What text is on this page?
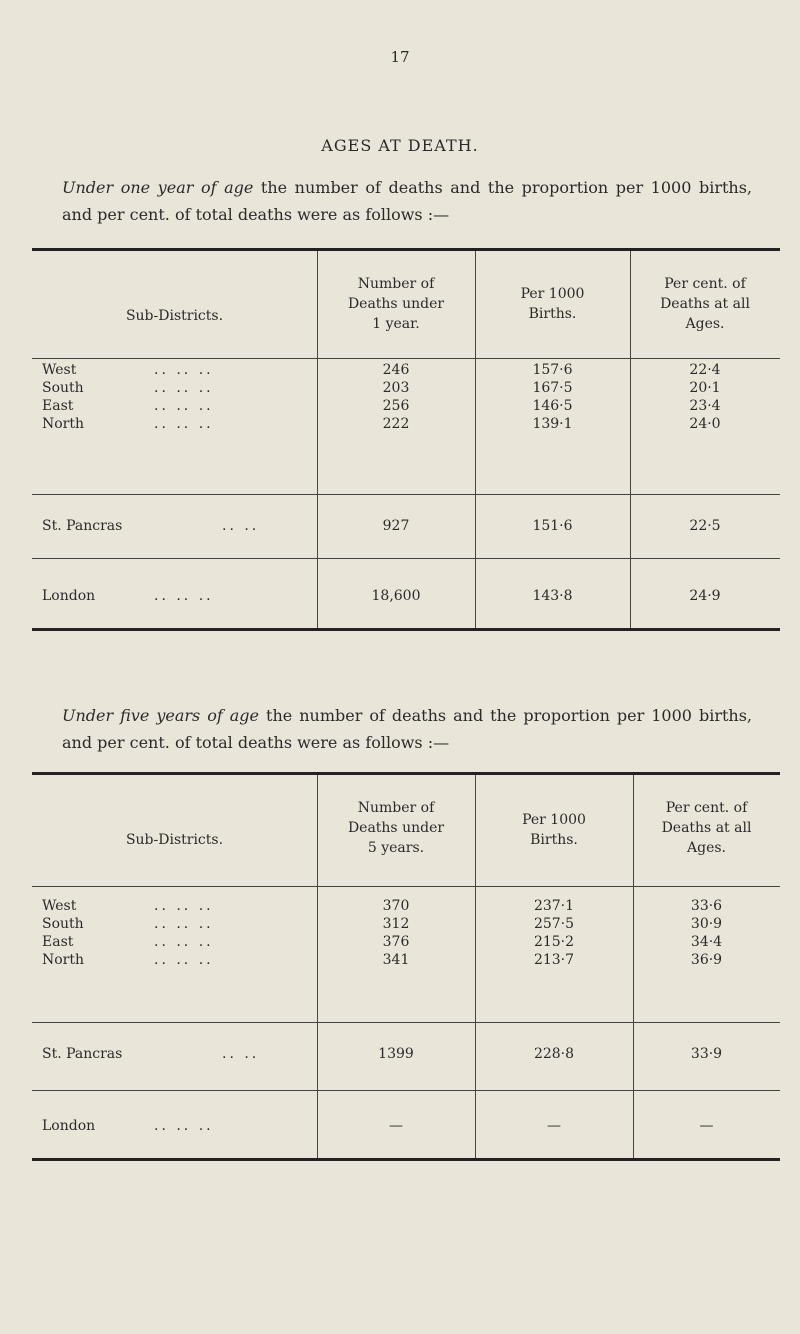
17
AGES AT DEATH.
Under one year of age the number of deaths and the proportion per 1000 births, and per cent. of total deaths were as follows :—
Sub-Districts.
Number of
Deaths under
1 year.
Per 1000
Births.
Per cent. of
Deaths at all
Ages.
West	.. .. ..	246	157·6	22·4
South	.. .. ..	203	167·5	20·1
East	.. .. ..	256	146·5	23·4
North	.. .. ..	222	139·1	24·0
St. Pancras	.. ..	927	151·6	22·5
London	.. .. ..	18,600	143·8	24·9
Under five years of age the number of deaths and the proportion per 1000 births, and per cent. of total deaths were as follows :—
Sub-Districts.
Number of
Deaths under
5 years.
Per 1000
Births.
Per cent. of
Deaths at all
Ages.
West	.. .. ..	370	237·1	33·6
South	.. .. ..	312	257·5	30·9
East	.. .. ..	376	215·2	34·4
North	.. .. ..	341	213·7	36·9
St. Pancras	.. ..	1399	228·8	33·9
London	.. .. ..	—	—	—
